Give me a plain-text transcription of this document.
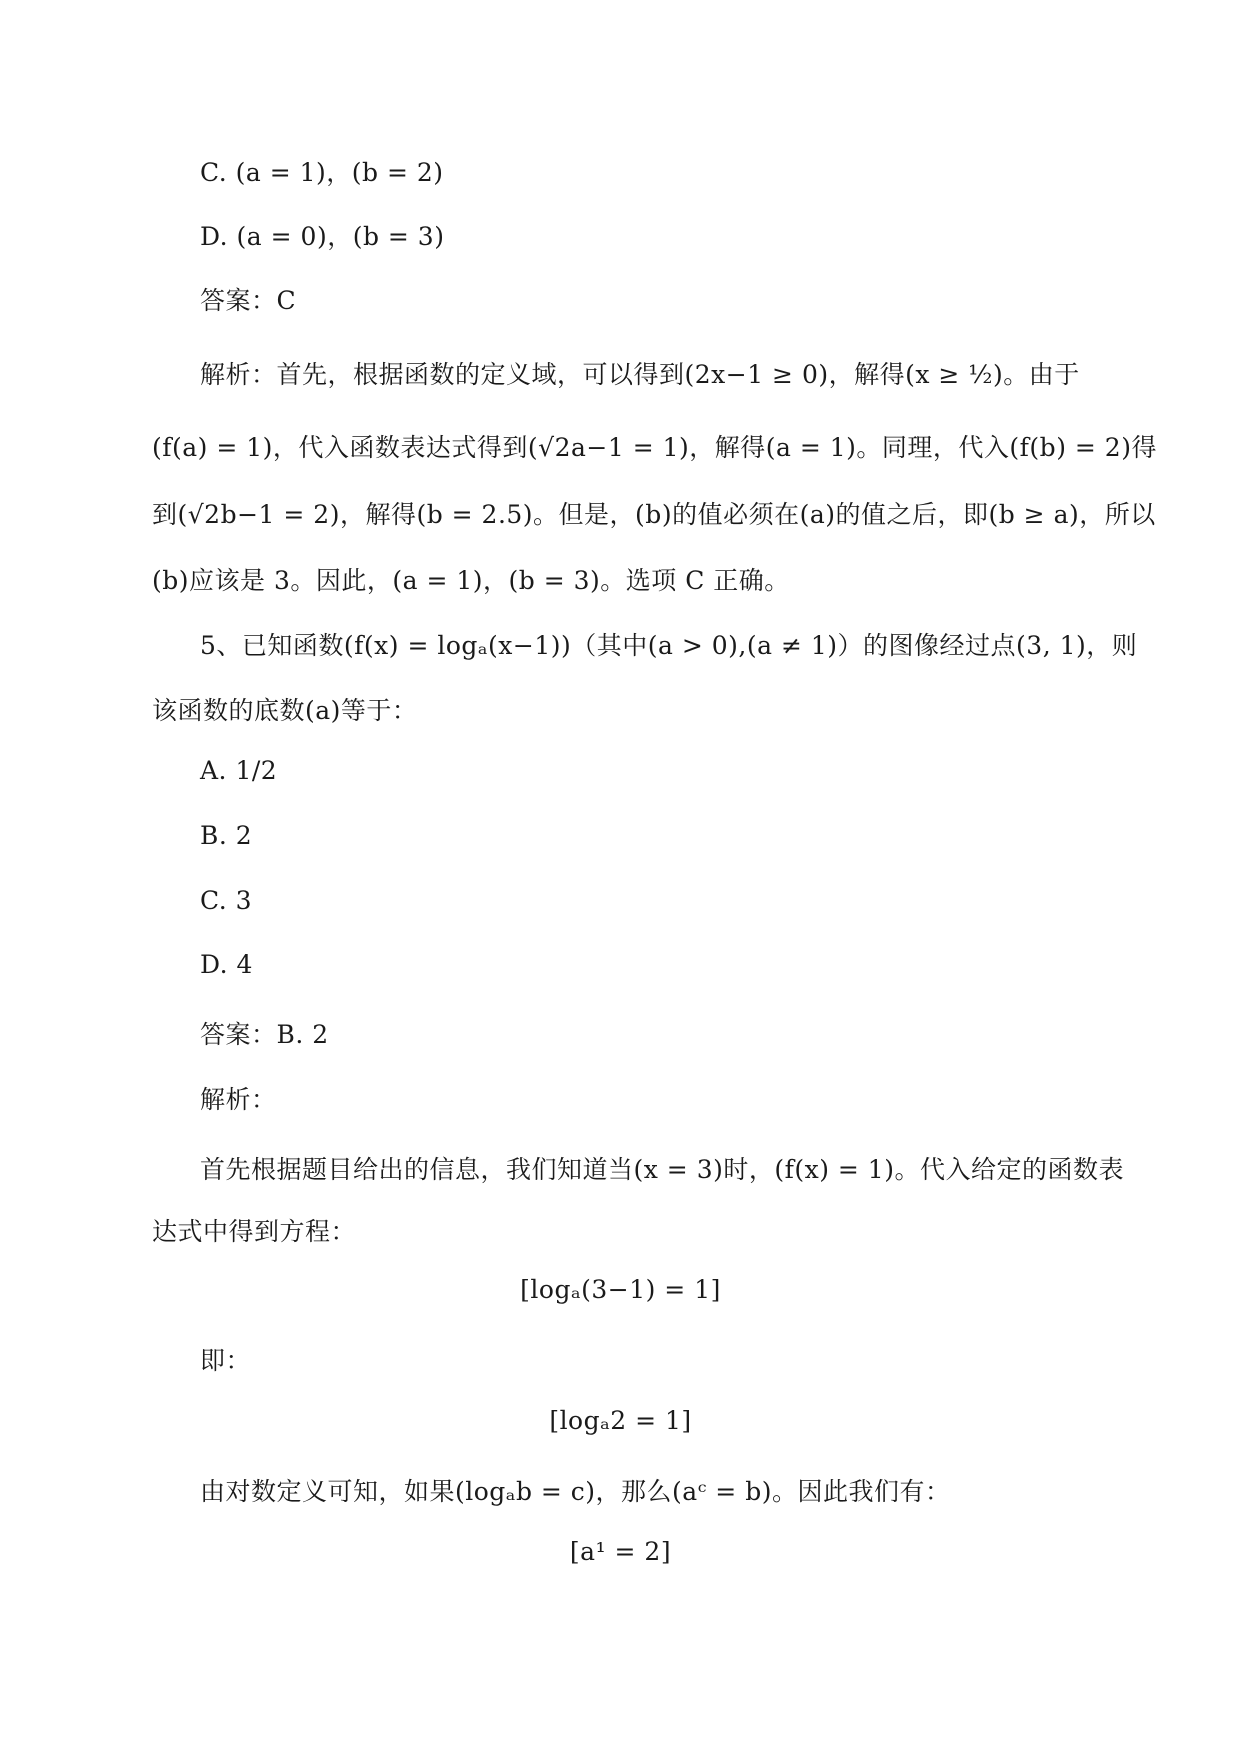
C. (a = 1)，(b = 2)
D. (a = 0)，(b = 3)
答案：C
解析：首先，根据函数的定义域，可以得到(2x−1 ≥ 0)，解得(x ≥ ½)。由于
(f(a) = 1)，代入函数表达式得到(√2a−1 = 1)，解得(a = 1)。同理，代入(f(b) = 2)得
到(√2b−1 = 2)，解得(b = 2.5)。但是，(b)的值必须在(a)的值之后，即(b ≥ a)，所以
(b)应该是 3。因此，(a = 1)，(b = 3)。选项 C 正确。
5、已知函数(f(x) = logₐ(x−1))（其中(a > 0),(a ≠ 1)）的图像经过点(3, 1)，则
该函数的底数(a)等于：
A. 1/2
B. 2
C. 3
D. 4
答案：B. 2
解析：
首先根据题目给出的信息，我们知道当(x = 3)时，(f(x) = 1)。代入给定的函数表
达式中得到方程：
[logₐ(3−1) = 1]
即：
[logₐ2 = 1]
由对数定义可知，如果(logₐb = c)，那么(aᶜ = b)。因此我们有：
[a¹ = 2]
